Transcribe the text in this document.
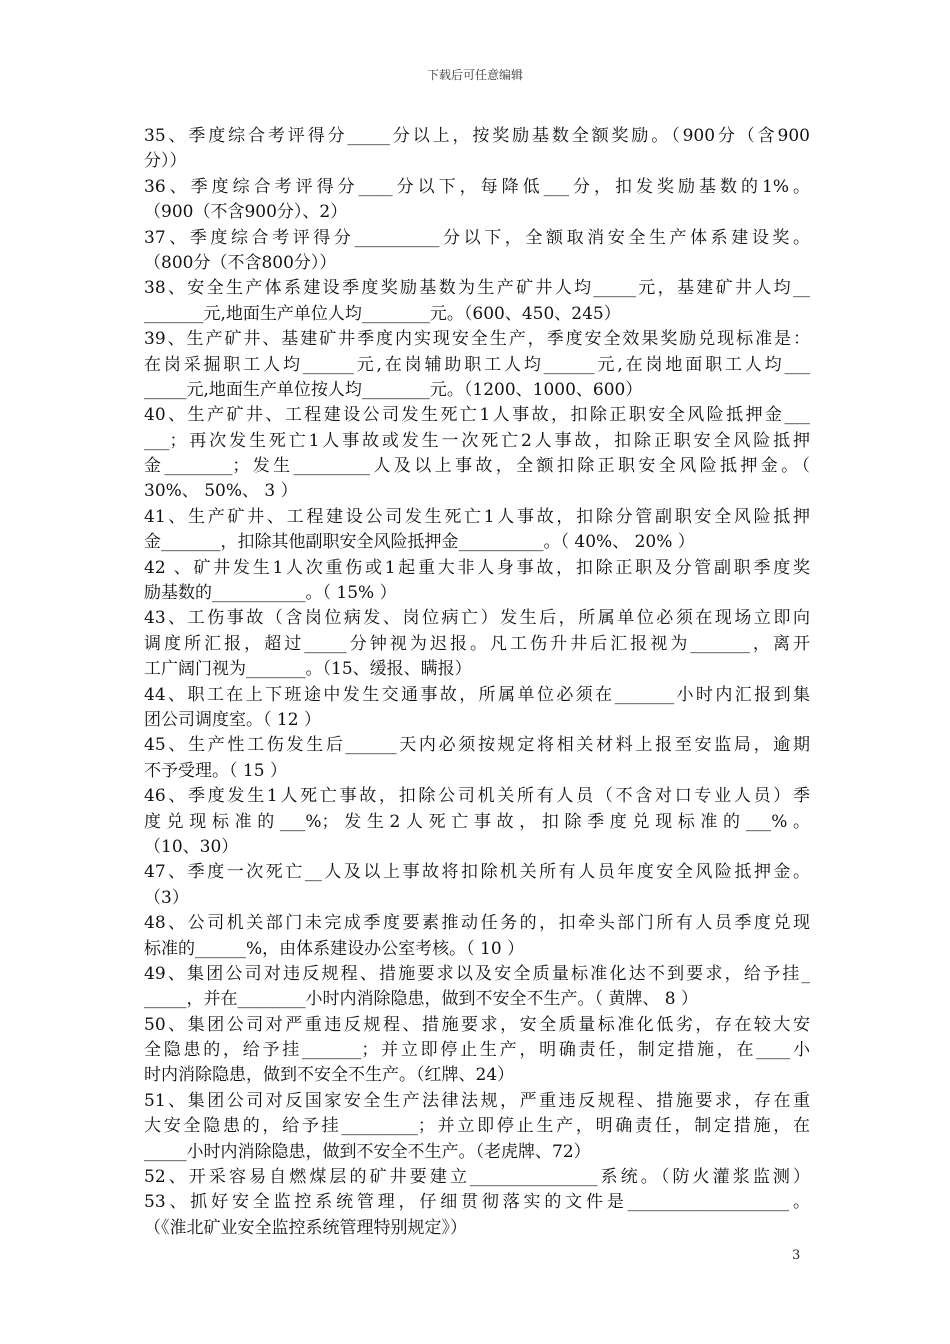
下载后可任意编辑
35、季度综合考评得分_____分以上，按奖励基数全额奖励。（900分（含900
分））
36、季度综合考评得分____分以下，每降低___分，扣发奖励基数的1%。
（900（不含900分）、2）
37、季度综合考评得分__________分以下，全额取消安全生产体系建设奖。
（800分（不含800分））
38、安全生产体系建设季度奖励基数为生产矿井人均_____元，基建矿井人均__
_______元,地面生产单位人均________元。（600、450、245）
39、生产矿井、基建矿井季度内实现安全生产，季度安全效果奖励兑现标准是：
在岗采掘职工人均______元,在岗辅助职工人均______元,在岗地面职工人均___
_____元,地面生产单位按人均________元。（1200、1000、600）
40、生产矿井、工程建设公司发生死亡1人事故，扣除正职安全风险抵押金___
___；再次发生死亡1人事故或发生一次死亡2人事故，扣除正职安全风险抵押
金________；发生_________人及以上事故，全额扣除正职安全风险抵押金。（
30%、 50%、 3 ）
41、生产矿井、工程建设公司发生死亡1人事故，扣除分管副职安全风险抵押
金_______，扣除其他副职安全风险抵押金__________。（ 40%、 20% ）
42 、矿井发生1人次重伤或1起重大非人身事故，扣除正职及分管副职季度奖
励基数的___________。（ 15% ）
43、工伤事故（含岗位病发、岗位病亡）发生后，所属单位必须在现场立即向
调度所汇报，超过_____分钟视为迟报。凡工伤升井后汇报视为_______，离开
工广阔门视为_______。（15、缓报、瞒报）
44、职工在上下班途中发生交通事故，所属单位必须在_______小时内汇报到集
团公司调度室。（ 12 ）
45、生产性工伤发生后______天内必须按规定将相关材料上报至安监局，逾期
不予受理。（ 15 ）
46、季度发生1人死亡事故，扣除公司机关所有人员（不含对口专业人员）季
度兑现标准的___%；发生2人死亡事故，扣除季度兑现标准的___%。
（10、30）
47、季度一次死亡__人及以上事故将扣除机关所有人员年度安全风险抵押金。
（3）
48、公司机关部门未完成季度要素推动任务的，扣牵头部门所有人员季度兑现
标准的______%，由体系建设办公室考核。（ 10 ）
49、集团公司对违反规程、措施要求以及安全质量标准化达不到要求，给予挂_
_____，并在________小时内消除隐患，做到不安全不生产。（ 黄牌、 8 ）
50、集团公司对严重违反规程、措施要求，安全质量标准化低劣，存在较大安
全隐患的，给予挂_______；并立即停止生产，明确责任，制定措施，在____小
时内消除隐患，做到不安全不生产。（红牌、24）
51、集团公司对反国家安全生产法律法规，严重违反规程、措施要求，存在重
大安全隐患的，给予挂_________；并立即停止生产，明确责任，制定措施，在
_____小时内消除隐患，做到不安全不生产。（老虎牌、72）
52、开采容易自燃煤层的矿井要建立_______________系统。（防火灌浆监测）
53、抓好安全监控系统管理，仔细贯彻落实的文件是___________________。
（《淮北矿业安全监控系统管理特别规定》）
3
